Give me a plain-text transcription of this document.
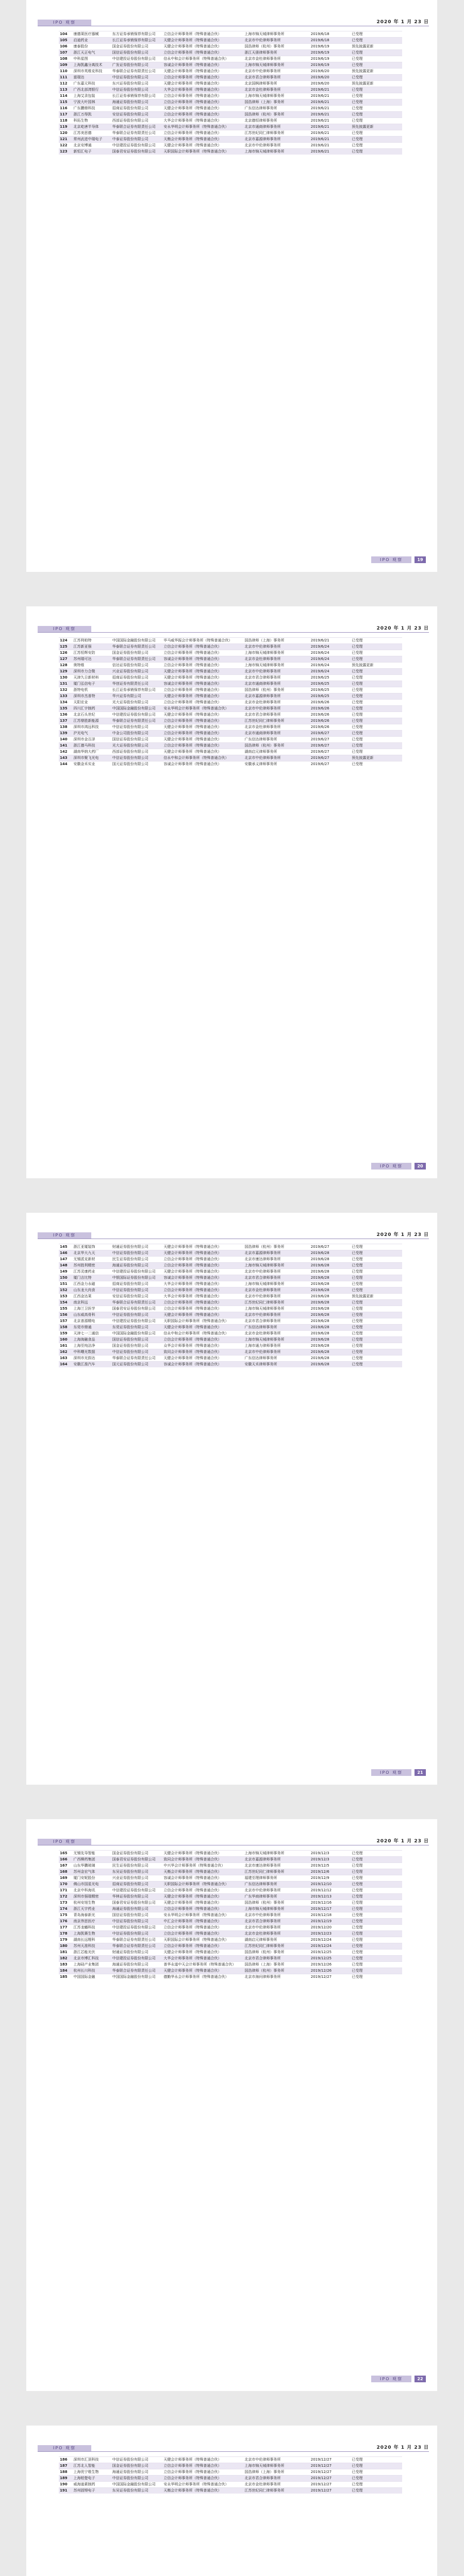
IPO 观察	2020 年 1 月 23 日
104	康德莱医疗器械	东方证券承销保荐有限公司	立信会计师事务所（特殊普通合伙）	上海市锦天城律师事务所	2019/6/18	已受理
105	启迪药业	长江证券承销保荐有限公司	天健会计师事务所（特殊普通合伙）	北京市中伦律师事务所	2019/6/18	已受理
106	康泰股份	国金证券股份有限公司	天健会计师事务所（特殊普通合伙）	国浩律师（杭州）事务所	2019/6/19	预先披露更新
107	浙江天正电气	国信证券股份有限公司	立信会计师事务所（特殊普通合伙）	浙江天册律师事务所	2019/6/19	已受理
108	中科星图	中信建投证券股份有限公司	信永中和会计师事务所（特殊普通合伙）	北京市金杜律师事务所	2019/6/19	已受理
109	上海凯鑫分离技术	广发证券股份有限公司	容诚会计师事务所（特殊普通合伙）	上海市锦天城律师事务所	2019/6/19	已受理
110	深圳市英维克科技	华泰联合证券有限责任公司	天健会计师事务所（特殊普通合伙）	北京市中伦律师事务所	2019/6/20	预先披露更新
111	富瑞达	中信证券股份有限公司	立信会计师事务所（特殊普通合伙）	北京市君合律师事务所	2019/6/20	已受理
112	广东嘉元科技	东兴证券股份有限公司	天健会计师事务所（特殊普通合伙）	北京国枫律师事务所	2019/6/20	预先披露更新
113	广西北部湾银行	中信证券股份有限公司	大华会计师事务所（特殊普通合伙）	北京市金杜律师事务所	2019/6/21	已受理
114	上海艾录包装	长江证券承销保荐有限公司	立信会计师事务所（特殊普通合伙）	上海市锦天城律师事务所	2019/6/21	已受理
115	宁波大叶园林	海通证券股份有限公司	立信会计师事务所（特殊普通合伙）	国浩律师（上海）事务所	2019/6/21	已受理
116	广东鹏鼎科技	招商证券股份有限公司	天健会计师事务所（特殊普通合伙）	广东信达律师事务所	2019/6/21	已受理
117	浙江万得凯	安信证券股份有限公司	立信会计师事务所（特殊普通合伙）	国浩律师（杭州）事务所	2019/6/21	已受理
118	科拓生物	西部证券股份有限公司	大华会计师事务所（特殊普通合伙）	北京德恒律师事务所	2019/6/21	已受理
119	北京屹唐半导体	华泰联合证券有限责任公司	安永华明会计师事务所（特殊普通合伙）	北京市通商律师事务所	2019/6/21	预先披露更新
120	江苏美思德	华泰联合证券有限责任公司	立信会计师事务所（特殊普通合伙）	江苏世纪同仁律师事务所	2019/6/21	已受理
121	常州武进中瑞电子	中泰证券股份有限公司	天衡会计师事务所（特殊普通合伙）	北京市嘉源律师事务所	2019/6/21	已受理
122	北京安博通	中信建投证券股份有限公司	天健会计师事务所（特殊普通合伙）	北京市中伦律师事务所	2019/6/21	已受理
123	新恒汇电子	国泰君安证券股份有限公司	天职国际会计师事务所（特殊普通合伙）	上海市锦天城律师事务所	2019/6/21	已受理
IPO 观察	19
IPO 观察	2020 年 1 月 23 日
124	江苏利柏特	中国国际金融股份有限公司	毕马威华振会计师事务所（特殊普通合伙）	国浩律师（上海）事务所	2019/6/21	已受理
125	江苏新亚强	华泰联合证券有限责任公司	立信会计师事务所（特殊普通合伙）	北京市中伦律师事务所	2019/6/24	已受理
126	江苏恒辉安防	国金证券股份有限公司	立信会计师事务所（特殊普通合伙）	上海市锦天城律师事务所	2019/6/24	已受理
127	苏州瑞可达	华泰联合证券有限责任公司	容诚会计师事务所（特殊普通合伙）	北京市金杜律师事务所	2019/6/24	已受理
128	奥特维	信达证券股份有限公司	立信会计师事务所（特殊普通合伙）	上海市锦天城律师事务所	2019/6/24	预先披露更新
129	深圳市力合微	兴业证券股份有限公司	天健会计师事务所（特殊普通合伙）	北京市中伦律师事务所	2019/6/24	已受理
130	天津久日新材料	招商证券股份有限公司	天健会计师事务所（特殊普通合伙）	北京市君合律师事务所	2019/6/25	已受理
131	厦门弘信电子	华创证券有限责任公司	容诚会计师事务所（特殊普通合伙）	北京市通商律师事务所	2019/6/25	已受理
132	浙特电机	长江证券承销保荐有限公司	立信会计师事务所（特殊普通合伙）	国浩律师（杭州）事务所	2019/6/25	已受理
133	深圳市杰普特	华兴证券有限公司	天健会计师事务所（特殊普通合伙）	北京市嘉源律师事务所	2019/6/25	已受理
134	天阳宏业	光大证券股份有限公司	立信会计师事务所（特殊普通合伙）	北京市金杜律师事务所	2019/6/26	已受理
135	四川汇宇制药	中国国际金融股份有限公司	安永华明会计师事务所（特殊普通合伙）	北京市中伦律师事务所	2019/6/26	已受理
136	北京石头世纪	中信建投证券股份有限公司	天健会计师事务所（特殊普通合伙）	北京市君合律师事务所	2019/6/26	已受理
137	江苏鼎胜新能源	华泰联合证券有限责任公司	立信会计师事务所（特殊普通合伙）	江苏世纪同仁律师事务所	2019/6/26	已受理
138	深圳市鸿远科技	中信证券股份有限公司	天健会计师事务所（特殊普通合伙）	北京市金杜律师事务所	2019/6/26	已受理
139	沪光电气	中金公司股份有限公司	立信会计师事务所（特殊普通合伙）	北京市通商律师事务所	2019/6/27	已受理
140	深圳市金百泽	国信证券股份有限公司	天健会计师事务所（特殊普通合伙）	广东信达律师事务所	2019/6/27	已受理
141	浙江德马科技	光大证券股份有限公司	立信会计师事务所（特殊普通合伙）	国浩律师（杭州）事务所	2019/6/27	已受理
142	湖南华纳大药厂	西部证券股份有限公司	天健会计师事务所（特殊普通合伙）	湖南启元律师事务所	2019/6/27	已受理
143	深圳市聚飞光电	中信证券股份有限公司	信永中和会计师事务所（特殊普通合伙）	北京市中伦律师事务所	2019/6/27	预先披露更新
144	安徽金禾实业	国元证券股份有限公司	容诚会计师事务所（特殊普通合伙）	安徽承义律师事务所	2019/6/27	已受理
IPO 观察	20
IPO 观察	2020 年 1 月 23 日
145	浙江亚厦装饰	财通证券股份有限公司	天健会计师事务所（特殊普通合伙）	国浩律师（杭州）事务所	2019/6/27	已受理
146	北京华大九天	中信证券股份有限公司	天健会计师事务所（特殊普通合伙）	北京市嘉源律师事务所	2019/6/28	已受理
147	无锡派克新材	民生证券股份有限公司	立信会计师事务所（特殊普通合伙）	北京市康达律师事务所	2019/6/28	已受理
148	苏州胜利精密	海通证券股份有限公司	立信会计师事务所（特殊普通合伙）	上海市锦天城律师事务所	2019/6/28	已受理
149	江苏灵康药业	中信建投证券股份有限公司	天健会计师事务所（特殊普通合伙）	北京市中伦律师事务所	2019/6/28	已受理
150	厦门吉比特	中银国际证券股份有限公司	容诚会计师事务所（特殊普通合伙）	北京市君合律师事务所	2019/6/28	已受理
151	江西金力永磁	招商证券股份有限公司	大华会计师事务所（特殊普通合伙）	上海市锦天城律师事务所	2019/6/28	已受理
152	山东龙大肉食	中信证券股份有限公司	立信会计师事务所（特殊普通合伙）	北京市金杜律师事务所	2019/6/28	已受理
153	江西金达莱	安信证券股份有限公司	大华会计师事务所（特殊普通合伙）	北京市中伦律师事务所	2019/6/28	预先披露更新
154	南京科远	华泰联合证券有限责任公司	立信会计师事务所（特殊普通合伙）	江苏世纪同仁律师事务所	2019/6/28	已受理
155	上海兰卫医学	国泰君安证券股份有限公司	立信会计师事务所（特殊普通合伙）	上海市锦天城律师事务所	2019/6/28	已受理
156	山东威高骨科	中信证券股份有限公司	天健会计师事务所（特殊普通合伙）	北京市中伦律师事务所	2019/6/28	已受理
157	北京普源精电	中信建投证券股份有限公司	天职国际会计师事务所（特殊普通合伙）	北京市君合律师事务所	2019/6/28	已受理
158	东莞市鼎通	东莞证券股份有限公司	天健会计师事务所（特殊普通合伙）	广东信达律师事务所	2019/6/28	已受理
159	天津七一二通信	中国国际金融股份有限公司	信永中和会计师事务所（特殊普通合伙）	北京市金杜律师事务所	2019/6/28	已受理
160	上海海融食品	国信证券股份有限公司	立信会计师事务所（特殊普通合伙）	上海市锦天城律师事务所	2019/6/28	已受理
161	上海至纯洁净	国金证券股份有限公司	众华会计师事务所（特殊普通合伙）	上海市通力律师事务所	2019/6/28	已受理
162	中科曙光数据	中信证券股份有限公司	致同会计师事务所（特殊普通合伙）	北京市中伦律师事务所	2019/6/28	已受理
163	深圳市光韵达	华泰联合证券有限责任公司	天健会计师事务所（特殊普通合伙）	广东信达律师事务所	2019/6/28	已受理
164	安徽江淮汽车	国元证券股份有限公司	容诚会计师事务所（特殊普通合伙）	安徽天禾律师事务所	2019/6/28	已受理
IPO 观察	21
IPO 观察	2020 年 1 月 23 日
165	无锡先导智能	国金证券股份有限公司	天健会计师事务所（特殊普通合伙）	上海市锦天城律师事务所	2019/12/3	已受理
166	广西柳药集团	国泰君安证券股份有限公司	致同会计师事务所（特殊普通合伙）	北京市嘉源律师事务所	2019/12/3	已受理
167	山东华鹏玻璃	民生证券股份有限公司	中兴华会计师事务所（特殊普通合伙）	北京市康达律师事务所	2019/12/5	已受理
168	苏州金宏气体	东吴证券股份有限公司	天衡会计师事务所（特殊普通合伙）	江苏世纪同仁律师事务所	2019/12/6	已受理
169	厦门安妮股份	兴业证券股份有限公司	容诚会计师事务所（特殊普通合伙）	福建至理律师事务所	2019/12/9	已受理
170	佛山市国星光电	招商证券股份有限公司	天职国际会计师事务所（特殊普通合伙）	广东信达律师事务所	2019/12/10	已受理
171	北京中科海讯	中信建投证券股份有限公司	立信会计师事务所（特殊普通合伙）	北京市中伦律师事务所	2019/12/12	已受理
172	深圳市强瑞精密	华林证券股份有限公司	天健会计师事务所（特殊普通合伙）	广东华商律师事务所	2019/12/13	已受理
173	杭州安旭生物	国泰君安证券股份有限公司	天健会计师事务所（特殊普通合伙）	国浩律师（杭州）事务所	2019/12/16	已受理
174	浙江天宇药业	海通证券股份有限公司	立信会计师事务所（特殊普通合伙）	上海市锦天城律师事务所	2019/12/17	已受理
175	青岛海泰新光	国信证券股份有限公司	安永华明会计师事务所（特殊普通合伙）	北京市中伦律师事务所	2019/12/18	已受理
176	南京伟思医疗	中信证券股份有限公司	中汇会计师事务所（特殊普通合伙）	北京市君合律师事务所	2019/12/19	已受理
177	江苏龙蟠科技	中信建投证券股份有限公司	立信会计师事务所（特殊普通合伙）	北京市中伦律师事务所	2019/12/20	已受理
178	上海凯赛生物	中信证券股份有限公司	立信会计师事务所（特殊普通合伙）	北京市金杜律师事务所	2019/12/23	已受理
179	湖南长远锂科	华泰联合证券有限责任公司	天职国际会计师事务所（特殊普通合伙）	湖南启元律师事务所	2019/12/24	已受理
180	苏州天准科技	华泰联合证券有限责任公司	立信会计师事务所（特殊普通合伙）	江苏世纪同仁律师事务所	2019/12/24	已受理
181	浙江芯能光伏	财通证券股份有限公司	天健会计师事务所（特殊普通合伙）	国浩律师（杭州）事务所	2019/12/25	已受理
182	北京市博汇科技	中信建投证券股份有限公司	大华会计师事务所（特殊普通合伙）	北京市君合律师事务所	2019/12/25	已受理
183	上海硅产业集团	海通证券股份有限公司	普华永道中天会计师事务所（特殊普通合伙）	国浩律师（上海）事务所	2019/12/26	已受理
184	杭州长川科技	华泰联合证券有限责任公司	天健会计师事务所（特殊普通合伙）	国浩律师（杭州）事务所	2019/12/26	已受理
185	中国国际金融	中国国际金融股份有限公司	德勤华永会计师事务所（特殊普通合伙）	北京市海问律师事务所	2019/12/27	已受理
IPO 观察	22
IPO 观察	2020 年 1 月 23 日
186	深圳市汇顶科技	中信证券股份有限公司	天健会计师事务所（特殊普通合伙）	北京市中伦律师事务所	2019/12/27	已受理
187	江苏北人智能	国金证券股份有限公司	立信会计师事务所（特殊普通合伙）	上海市锦天城律师事务所	2019/12/27	已受理
188	上海优宁维生物	海通证券股份有限公司	立信会计师事务所（特殊普通合伙）	国浩律师（上海）事务所	2019/12/27	已受理
189	上海柏楚电子	中信证券股份有限公司	立信会计师事务所（特殊普通合伙）	北京市君合律师事务所	2019/12/27	已受理
190	威海迪素制药	中国国际金融股份有限公司	安永华明会计师事务所（特殊普通合伙）	北京市金杜律师事务所	2019/12/27	已受理
191	苏州固锝电子	东吴证券股份有限公司	天衡会计师事务所（特殊普通合伙）	江苏世纪同仁律师事务所	2019/12/27	已受理
